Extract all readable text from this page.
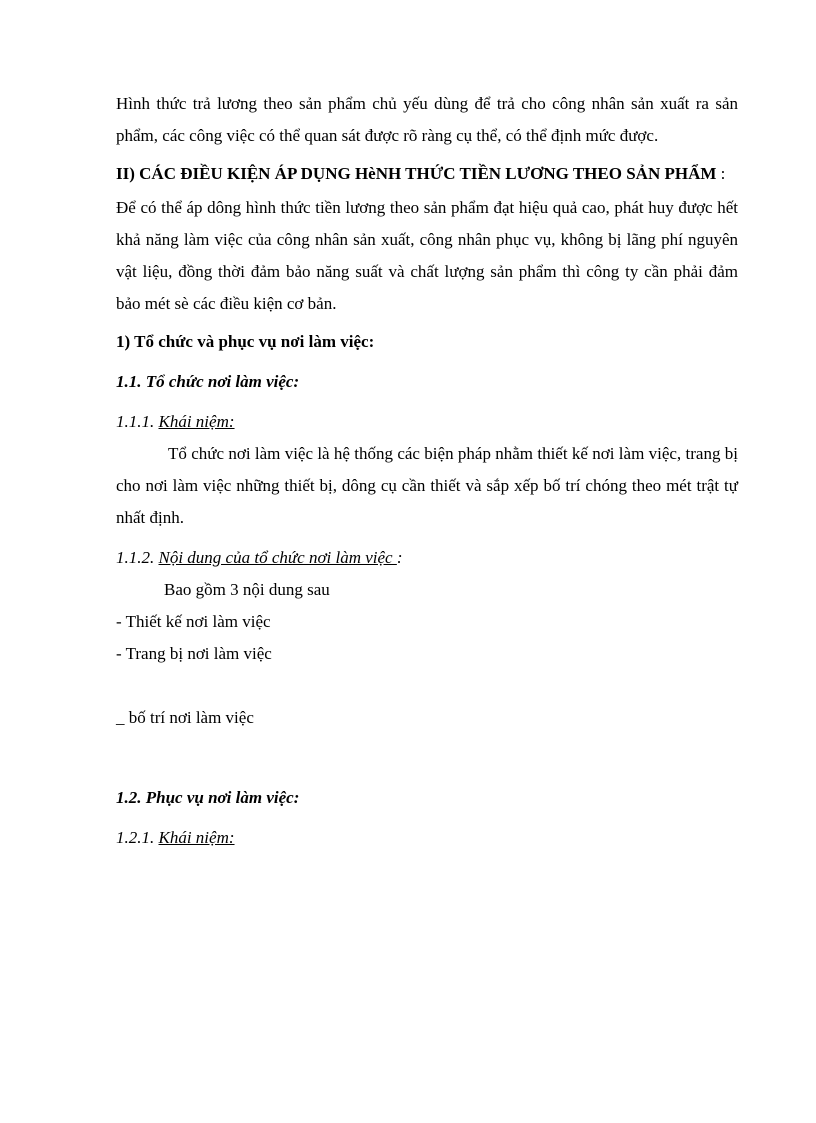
Hình thức trả lương theo sản phẩm chủ yếu dùng để trả cho công nhân sản xuất ra sản phẩm, các công việc có thể quan sát được rõ ràng cụ thể, có thể định mức được.

II) CÁC ĐIỀU KIỆN ÁP DỤNG HèNH THỨC TIỀN LƯƠNG THEO SẢN PHẨM :

Để có thể áp dông hình thức tiền lương theo sản phẩm đạt hiệu quả cao, phát huy được hết khả năng làm việc của công nhân sản xuất, công nhân phục vụ, không bị lãng phí nguyên vật liệu, đồng thời đảm bảo năng suất và chất lượng sản phẩm thì công ty cần phải đảm bảo mét sè các điều kiện cơ bản.

1) Tổ chức và phục vụ nơi làm việc:

1.1. Tổ chức nơi làm việc:

1.1.1. Khái niệm:

Tổ chức nơi làm việc là hệ thống các biện pháp nhằm thiết kế nơi làm việc, trang bị cho nơi làm việc những thiết bị, dông cụ cần thiết và sắp xếp bố trí chóng theo mét trật tự nhất định.

1.1.2. Nội dung của tổ chức nơi làm việc :

Bao gồm 3 nội dung sau

- Thiết kế nơi làm việc

- Trang bị nơi làm việc

_ bố trí nơi làm việc

1.2. Phục vụ nơi làm việc:

1.2.1. Khái niệm:
